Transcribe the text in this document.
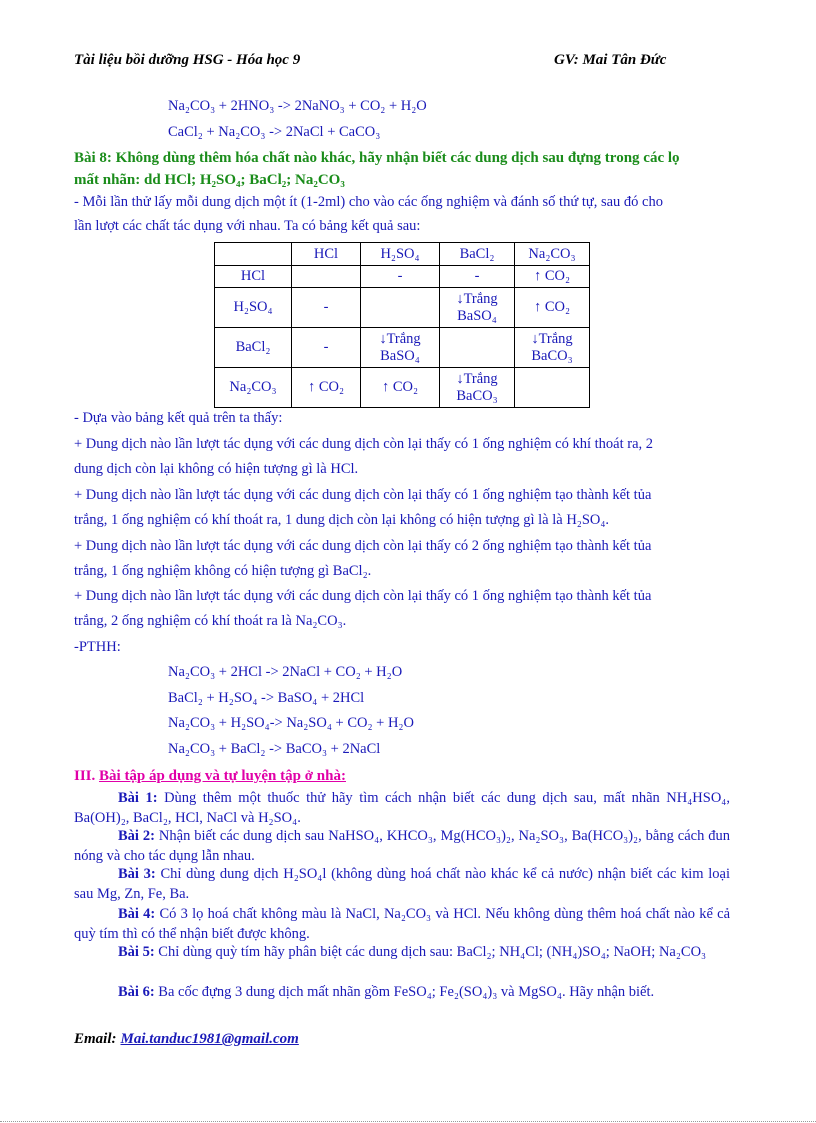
Tài liệu bồi dưỡng HSG - Hóa học 9	GV: Mai Tân Đức
Na₂CO₃ + 2HNO₃ -> 2NaNO₃ + CO₂ + H₂O
CaCl₂ + Na₂CO₃ -> 2NaCl + CaCO₃
Bài 8: Không dùng thêm hóa chất nào khác, hãy nhận biết các dung dịch sau đựng trong các lọ
mất nhãn: dd HCl; H₂SO₄; BaCl₂; Na₂CO₃
- Mỗi lần thử lấy mỗi dung dịch một ít (1-2ml) cho vào các ống nghiệm và đánh số thứ tự, sau đó cho
lần lượt các chất tác dụng với nhau. Ta có bảng kết quả sau:
	HCl	H₂SO₄	BaCl₂	Na₂CO₃
HCl		-	-	↑ CO₂
H₂SO₄	-		↓Trắng BaSO₄	↑ CO₂
BaCl₂	-	↓Trắng BaSO₄		↓Trắng BaCO₃
Na₂CO₃	↑ CO₂	↑ CO₂	↓Trắng BaCO₃	
- Dựa vào bảng kết quả trên ta thấy:
+ Dung dịch nào lần lượt tác dụng với các dung dịch còn lại thấy có 1 ống nghiệm có khí thoát ra, 2
dung dịch còn lại không có hiện tượng gì là HCl.
+ Dung dịch nào lần lượt tác dụng với các dung dịch còn lại thấy có 1 ống nghiệm tạo thành kết tủa
trắng, 1 ống nghiệm có khí thoát ra, 1 dung dịch còn lại không có hiện tượng gì là là H₂SO₄.
+ Dung dịch nào lần lượt tác dụng với các dung dịch còn lại thấy có 2 ống nghiệm tạo thành kết tủa
trắng, 1 ống nghiệm không có hiện tượng gì BaCl₂.
+ Dung dịch nào lần lượt tác dụng với các dung dịch còn lại thấy có 1 ống nghiệm tạo thành kết tủa
trắng, 2 ống nghiệm có khí thoát ra là Na₂CO₃.
-PTHH:
Na₂CO₃ + 2HCl -> 2NaCl + CO₂ + H₂O
BaCl₂ + H₂SO₄ -> BaSO₄ + 2HCl
Na₂CO₃ + H₂SO₄-> Na₂SO₄ + CO₂ + H₂O
Na₂CO₃ + BaCl₂ -> BaCO₃ + 2NaCl
III. Bài tập áp dụng và tự luyện tập ở nhà:
Bài 1: Dùng thêm một thuốc thử hãy tìm cách nhận biết các dung dịch sau, mất nhãn NH₄HSO₄, Ba(OH)₂, BaCl₂, HCl, NaCl và H₂SO₄.
Bài 2: Nhận biết các dung dịch sau NaHSO₄, KHCO₃, Mg(HCO₃)₂, Na₂SO₃, Ba(HCO₃)₂, bằng cách đun nóng và cho tác dụng lẫn nhau.
Bài 3: Chỉ dùng dung dịch H₂SO₄l (không dùng hoá chất nào khác kể cả nước) nhận biết các kim loại sau Mg, Zn, Fe, Ba.
Bài 4: Có 3 lọ hoá chất không màu là NaCl, Na₂CO₃ và HCl. Nếu không dùng thêm hoá chất nào kể cả quỳ tím thì có thể nhận biết được không.
Bài 5: Chỉ dùng quỳ tím hãy phân biệt các dung dịch sau: BaCl₂; NH₄Cl; (NH₄)SO₄; NaOH; Na₂CO₃
Bài 6: Ba cốc đựng 3 dung dịch mất nhãn gồm FeSO₄; Fe₂(SO₄)₃ và MgSO₄. Hãy nhận biết.
Email: Mai.tanduc1981@gmail.com
